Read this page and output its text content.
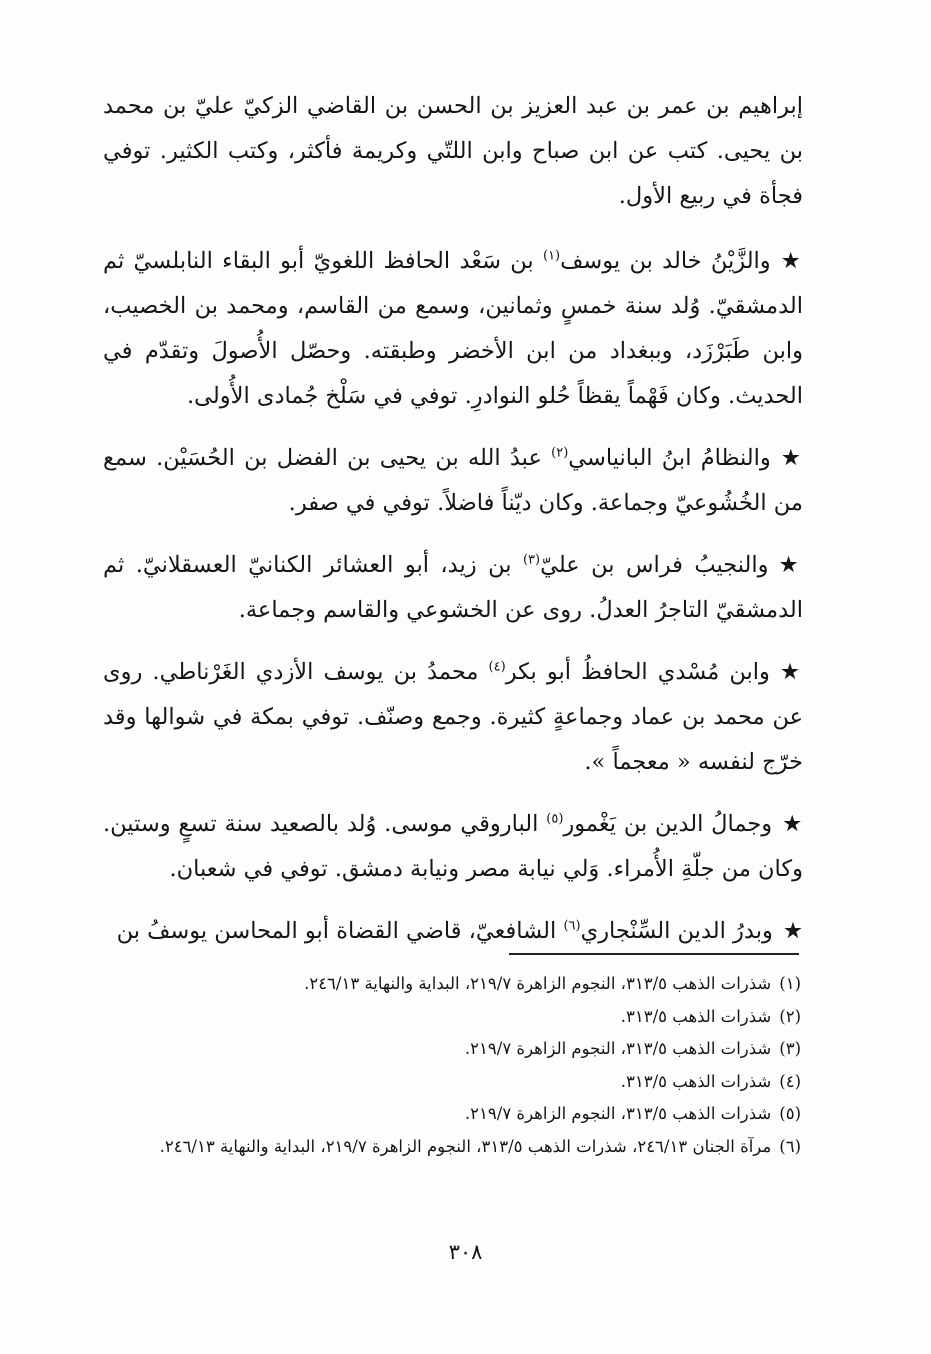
إبراهيم بن عمر بن عبد العزيز بن الحسن بن القاضي الزكيّ عليّ بن محمد بن يحيى. كتب عن ابن صباح وابن اللتّي وكريمة فأكثر، وكتب الكثير. توفي فجأة في ربيع الأول.

★والزَّيْنُ خالد بن يوسف$^{(١)}$ بن سَعْد الحافظ اللغويّ أبو البقاء النابلسيّ ثم الدمشقيّ. وُلد سنة خمسٍ وثمانين، وسمع من القاسم، ومحمد بن الخصيب، وابن طَبَرْزَد، وببغداد من ابن الأخضر وطبقته. وحصّل الأُصولَ وتقدّم في الحديث. وكان فَهْماً يقظاً حُلو النوادرِ. توفي في سَلْخ جُمادى الأُولى.

★والنظامُ ابنُ البانياسي$^{(٢)}$ عبدُ الله بن يحيى بن الفضل بن الحُسَيْن. سمع من الخُشُوعيّ وجماعة. وكان ديّناً فاضلاً. توفي في صفر.

★والنجيبُ فراس بن عليّ$^{(٣)}$ بن زيد، أبو العشائر الكنانيّ العسقلانيّ. ثم الدمشقيّ التاجرُ العدلُ. روى عن الخشوعي والقاسم وجماعة.

★وابن مُسْدي الحافظُ أبو بكر$^{(٤)}$ محمدُ بن يوسف الأزدي الغَرْناطي. روى عن محمد بن عماد وجماعةٍ كثيرة. وجمع وصنّف. توفي بمكة في شوالها وقد خرّج لنفسه « معجماً ».

★وجمالُ الدين بن يَغْمور$^{(٥)}$ الباروقي موسى. وُلد بالصعيد سنة تسعٍ وستين. وكان من جلّةِ الأُمراء. وَلي نيابة مصر ونيابة دمشق. توفي في شعبان.

★وبدرُ الدين السِّنْجاري$^{(٦)}$ الشافعيّ، قاضي القضاة أبو المحاسن يوسفُ بن

(١)شذرات الذهب ٣١٣/٥، النجوم الزاهرة ٢١٩/٧، البداية والنهاية ٢٤٦/١٣.

(٢)شذرات الذهب ٣١٣/٥.

(٣)شذرات الذهب ٣١٣/٥، النجوم الزاهرة ٢١٩/٧.

(٤)شذرات الذهب ٣١٣/٥.

(٥)شذرات الذهب ٣١٣/٥، النجوم الزاهرة ٢١٩/٧.

(٦)مرآة الجنان ٢٤٦/١٣، شذرات الذهب ٣١٣/٥، النجوم الزاهرة ٢١٩/٧، البداية والنهاية ٢٤٦/١٣.

٣٠٨
